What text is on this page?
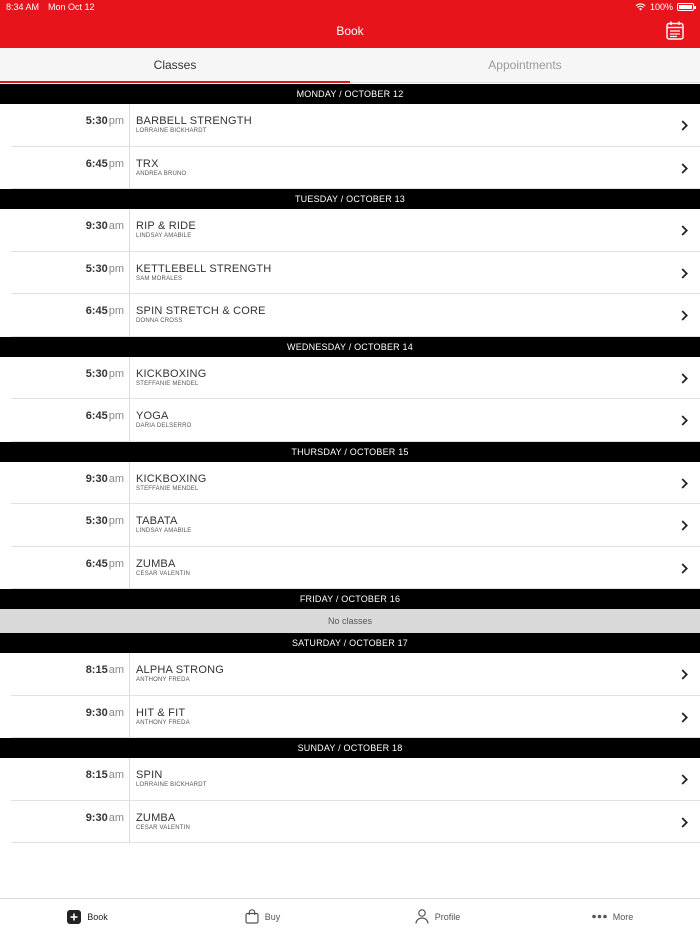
8:34 AM Mon Oct 12	100%
Book
Classes	Appointments
MONDAY / OCTOBER 12
5:30pm	BARBELL STRENGTH
LORRAINE BICKHARDT
6:45pm	TRX
ANDREA BRUNO
TUESDAY / OCTOBER 13
9:30am	RIP & RIDE
LINDSAY AMABILE
5:30pm	KETTLEBELL STRENGTH
SAM MORALES
6:45pm	SPIN STRETCH & CORE
DONNA CROSS
WEDNESDAY / OCTOBER 14
5:30pm	KICKBOXING
STEFFANIE MENDEL
6:45pm	YOGA
DARIA DELSERRO
THURSDAY / OCTOBER 15
9:30am	KICKBOXING
STEFFANIE MENDEL
5:30pm	TABATA
LINDSAY AMABILE
6:45pm	ZUMBA
CESAR VALENTIN
FRIDAY / OCTOBER 16
No classes
SATURDAY / OCTOBER 17
8:15am	ALPHA STRONG
ANTHONY FREDA
9:30am	HIT & FIT
ANTHONY FREDA
SUNDAY / OCTOBER 18
8:15am	SPIN
LORRAINE BICKHARDT
9:30am	ZUMBA
CESAR VALENTIN
Book	Buy	Profile	More
